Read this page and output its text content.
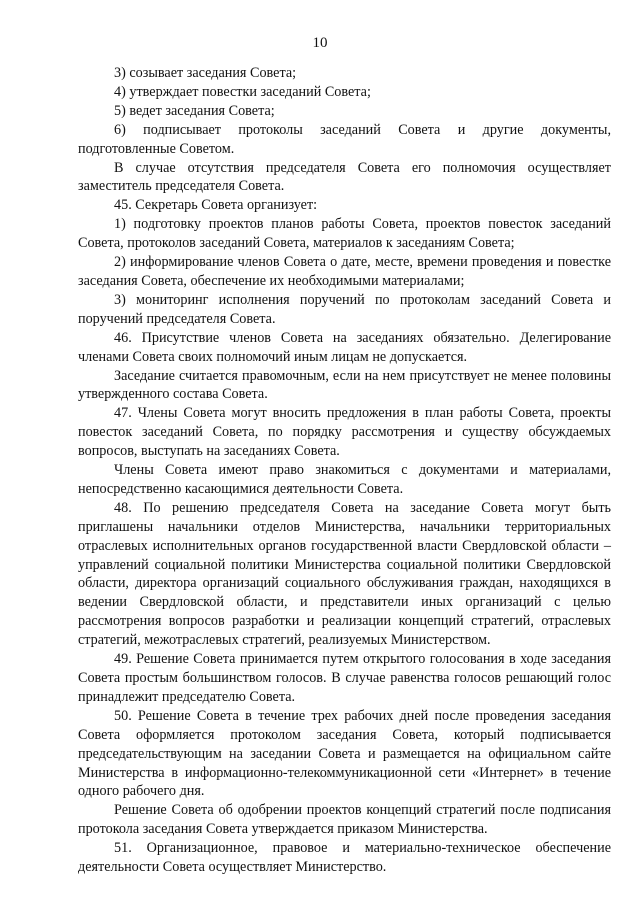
10

3) созывает заседания Совета;

4) утверждает повестки заседаний Совета;

5) ведет заседания Совета;

6) подписывает протоколы заседаний Совета и другие документы, подготовленные Советом.

В случае отсутствия председателя Совета его полномочия осуществляет заместитель председателя Совета.

45. Секретарь Совета организует:

1) подготовку проектов планов работы Совета, проектов повесток заседаний Совета, протоколов заседаний Совета, материалов к заседаниям Совета;

2) информирование членов Совета о дате, месте, времени проведения и повестке заседания Совета, обеспечение их необходимыми материалами;

3) мониторинг исполнения поручений по протоколам заседаний Совета и поручений председателя Совета.

46. Присутствие членов Совета на заседаниях обязательно. Делегирование членами Совета своих полномочий иным лицам не допускается.

Заседание считается правомочным, если на нем присутствует не менее половины утвержденного состава Совета.

47. Члены Совета могут вносить предложения в план работы Совета, проекты повесток заседаний Совета, по порядку рассмотрения и существу обсуждаемых вопросов, выступать на заседаниях Совета.

Члены Совета имеют право знакомиться с документами и материалами, непосредственно касающимися деятельности Совета.

48. По решению председателя Совета на заседание Совета могут быть приглашены начальники отделов Министерства, начальники территориальных отраслевых исполнительных органов государственной власти Свердловской области – управлений социальной политики Министерства социальной политики Свердловской области, директора организаций социального обслуживания граждан, находящихся в ведении Свердловской области, и представители иных организаций с целью рассмотрения вопросов разработки и реализации концепций стратегий, отраслевых стратегий, межотраслевых стратегий, реализуемых Министерством.

49. Решение Совета принимается путем открытого голосования в ходе заседания Совета простым большинством голосов. В случае равенства голосов решающий голос принадлежит председателю Совета.

50. Решение Совета в течение трех рабочих дней после проведения заседания Совета оформляется протоколом заседания Совета, который подписывается председательствующим на заседании Совета и размещается на официальном сайте Министерства в информационно-телекоммуникационной сети «Интернет» в течение одного рабочего дня.

Решение Совета об одобрении проектов концепций стратегий после подписания протокола заседания Совета утверждается приказом Министерства.

51. Организационное, правовое и материально-техническое обеспечение деятельности Совета осуществляет Министерство.
